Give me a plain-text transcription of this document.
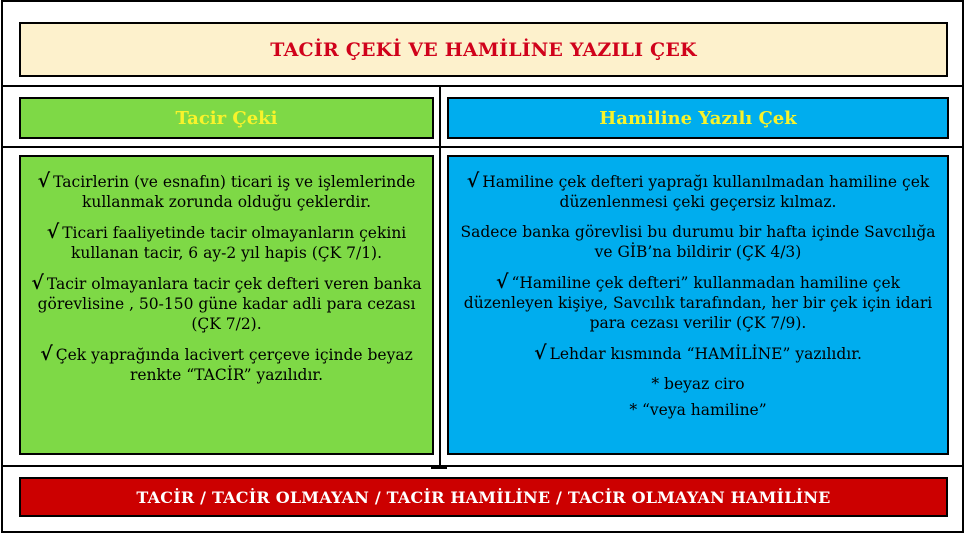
TACİR ÇEKİ VE HAMİLİNE YAZILI ÇEK
Tacir Çeki	Hamiline Yazılı Çek

√ Tacirlerin (ve esnafın) ticari iş ve işlemlerinde kullanmak zorunda olduğu çeklerdir.

√ Ticari faaliyetinde tacir olmayanların çekini kullanan tacir, 6 ay-2 yıl hapis (ÇK 7/1).

√ Tacir olmayanlara tacir çek defteri veren banka görevlisine , 50-150 güne kadar adli para cezası (ÇK 7/2).

√ Çek yaprağında lacivert çerçeve içinde beyaz renkte “TACİR” yazılıdır.

√ Hamiline çek defteri yaprağı kullanılmadan hamiline çek düzenlenmesi çeki geçersiz kılmaz.

Sadece banka görevlisi bu durumu bir hafta içinde Savcılığa ve GİB’na bildirir (ÇK 4/3)

√ “Hamiline çek defteri” kullanmadan hamiline çek düzenleyen kişiye, Savcılık tarafından, her bir çek için idari para cezası verilir (ÇK 7/9).

√ Lehdar kısmında “HAMİLİNE” yazılıdır.

* beyaz ciro

* “veya hamiline”

TACİR / TACİR OLMAYAN / TACİR HAMİLİNE / TACİR OLMAYAN HAMİLİNE
